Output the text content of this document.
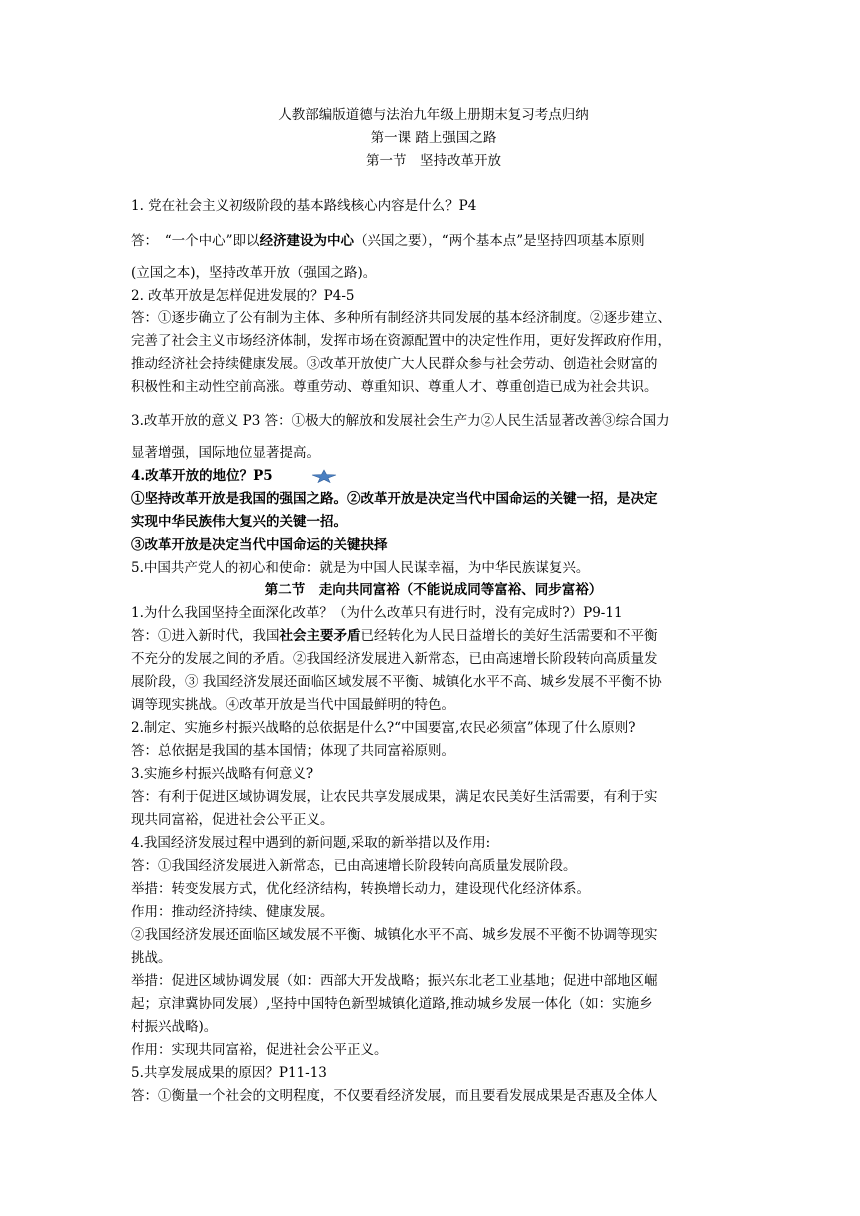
人教部编版道德与法治九年级上册期末复习考点归纳
第一课 踏上强国之路
第一节　坚持改革开放
1. 党在社会主义初级阶段的基本路线核心内容是什么？P4
答：　“一个中心”即以经济建设为中心（兴国之要），“两个基本点”是坚持四项基本原则
(立国之本)，坚持改革开放（强国之路)。
2. 改革开放是怎样促进发展的？P4-5
答：①逐步确立了公有制为主体、多种所有制经济共同发展的基本经济制度。②逐步建立、
完善了社会主义市场经济体制，发挥市场在资源配置中的决定性作用，更好发挥政府作用，
推动经济社会持续健康发展。③改革开放使广大人民群众参与社会劳动、创造社会财富的
积极性和主动性空前高涨。尊重劳动、尊重知识、尊重人才、尊重创造已成为社会共识。
3.改革开放的意义 P3 答：①极大的解放和发展社会生产力②人民生活显著改善③综合国力
显著增强，国际地位显著提高。
4.改革开放的地位？P5
①坚持改革开放是我国的强国之路。②改革开放是决定当代中国命运的关键一招，是决定
实现中华民族伟大复兴的关键一招。
③改革开放是决定当代中国命运的关键抉择
5.中国共产党人的初心和使命：就是为中国人民谋幸福，为中华民族谋复兴。
第二节　走向共同富裕（不能说成同等富裕、同步富裕）
1.为什么我国坚持全面深化改革？（为什么改革只有进行时，没有完成时?）P9-11
答：①进入新时代，我国社会主要矛盾已经转化为人民日益增长的美好生活需要和不平衡
不充分的发展之间的矛盾。②我国经济发展进入新常态，已由高速增长阶段转向高质量发
展阶段，③ 我国经济发展还面临区域发展不平衡、城镇化水平不高、城乡发展不平衡不协
调等现实挑战。④改革开放是当代中国最鲜明的特色。
2.制定、实施乡村振兴战略的总依据是什么?“中国要富,农民必须富”体现了什么原则?
答：总依据是我国的基本国情；体现了共同富裕原则。
3.实施乡村振兴战略有何意义?
答：有利于促进区域协调发展，让农民共享发展成果，满足农民美好生活需要，有利于实
现共同富裕，促进社会公平正义。
4.我国经济发展过程中遇到的新问题,采取的新举措以及作用:
答：①我国经济发展进入新常态，已由高速增长阶段转向高质量发展阶段。
举措：转变发展方式，优化经济结构，转换增长动力，建设现代化经济体系。
作用：推动经济持续、健康发展。
②我国经济发展还面临区域发展不平衡、城镇化水平不高、城乡发展不平衡不协调等现实
挑战。
举措：促进区域协调发展（如：西部大开发战略；振兴东北老工业基地；促进中部地区崛
起；京津冀协同发展）,坚持中国特色新型城镇化道路,推动城乡发展一体化（如：实施乡
村振兴战略)。
作用：实现共同富裕，促进社会公平正义。
5.共享发展成果的原因？P11-13
答：①衡量一个社会的文明程度，不仅要看经济发展，而且要看发展成果是否惠及全体人
